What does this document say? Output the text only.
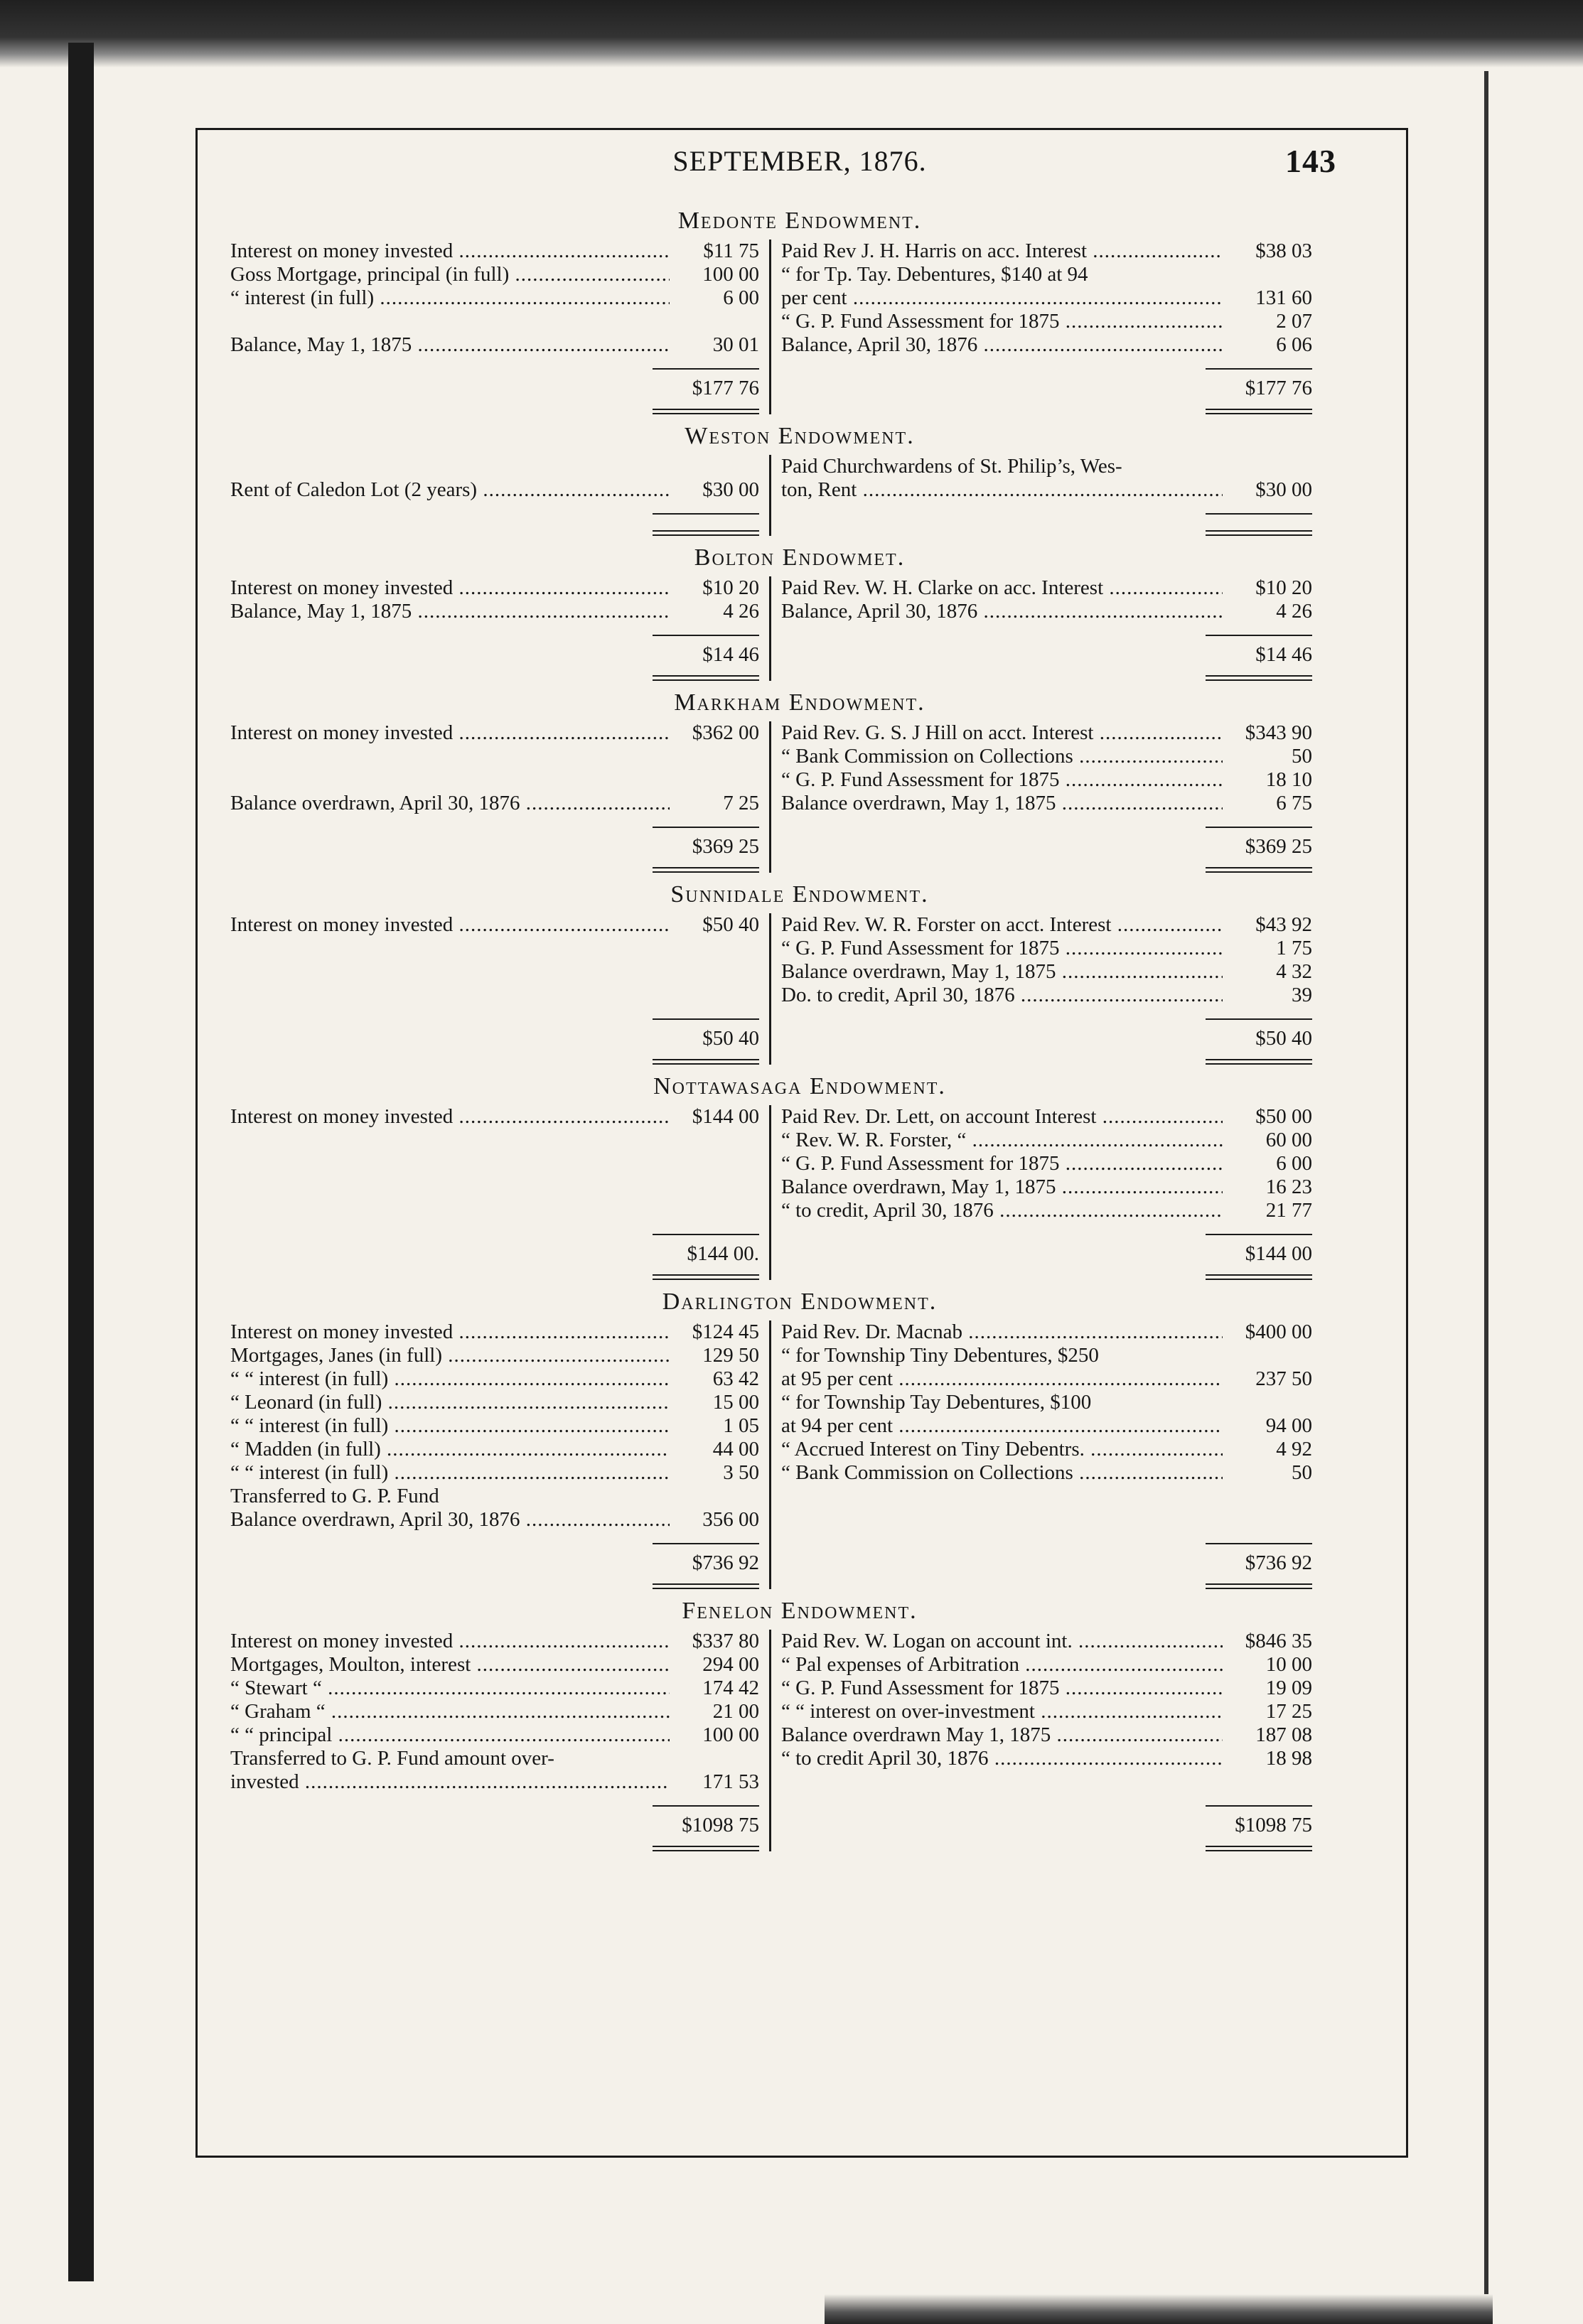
SEPTEMBER, 1876.	143
Medonte Endowment.
Interest on money invested .....	$11 75
Goss Mortgage, principal (in full) .....	100 00
“ interest (in full) .....	6 00
Balance, May 1, 1875 .....	30 01
$177 76
Paid Rev J. H. Harris on acc. Interest .....	$38 03
“ for Tp. Tay. Debentures, $140 at 94
per cent .....	131 60
“ G. P. Fund Assessment for 1875 .....	2 07
Balance, April 30, 1876 .....	6 06
$177 76
Weston Endowment.
Rent of Caledon Lot (2 years) .....	$30 00
Paid Churchwardens of St. Philip’s, Wes-
ton, Rent .....	$30 00
Bolton Endowmet.
Interest on money invested .....	$10 20
Balance, May 1, 1875 .....	4 26
$14 46
Paid Rev. W. H. Clarke on acc. Interest .....	$10 20
Balance, April 30, 1876 .....	4 26
$14 46
Markham Endowment.
Interest on money invested .....	$362 00
Balance overdrawn, April 30, 1876 .....	7 25
$369 25
Paid Rev. G. S. J Hill on acct. Interest .....	$343 90
“ Bank Commission on Collections .....	50
“ G. P. Fund Assessment for 1875 .....	18 10
Balance overdrawn, May 1, 1875 .....	6 75
$369 25
Sunnidale Endowment.
Interest on money invested .....	$50 40
$50 40
Paid Rev. W. R. Forster on acct. Interest .....	$43 92
“ G. P. Fund Assessment for 1875 .....	1 75
Balance overdrawn, May 1, 1875 .....	4 32
Do. to credit, April 30, 1876 .....	39
$50 40
Nottawasaga Endowment.
Interest on money invested .....	$144 00
$144 00.
Paid Rev. Dr. Lett, on account Interest .....	$50 00
“ Rev. W. R. Forster, “ .....	60 00
“ G. P. Fund Assessment for 1875 .....	6 00
Balance overdrawn, May 1, 1875 .....	16 23
“ to credit, April 30, 1876 .....	21 77
$144 00
Darlington Endowment.
Interest on money invested .....	$124 45
Mortgages, Janes (in full) .....	129 50
“ “ interest (in full) .....	63 42
“ Leonard (in full) .....	15 00
“ “ interest (in full) .....	1 05
“ Madden (in full) .....	44 00
“ “ interest (in full) .....	3 50
Transferred to G. P. Fund
Balance overdrawn, April 30, 1876 .....	356 00
$736 92
Paid Rev. Dr. Macnab .....	$400 00
“ for Township Tiny Debentures, $250
at 95 per cent .....	237 50
“ for Township Tay Debentures, $100
at 94 per cent .....	94 00
“ Accrued Interest on Tiny Debentrs. .....	4 92
“ Bank Commission on Collections .....	50
$736 92
Fenelon Endowment.
Interest on money invested .....	$337 80
Mortgages, Moulton, interest .....	294 00
“ Stewart “ .....	174 42
“ Graham “ .....	21 00
“ “ principal .....	100 00
Transferred to G. P. Fund amount over-
invested .....	171 53
$1098 75
Paid Rev. W. Logan on account int. .....	$846 35
“ Pal expenses of Arbitration .....	10 00
“ G. P. Fund Assessment for 1875 .....	19 09
“ “ interest on over-investment .....	17 25
Balance overdrawn May 1, 1875 .....	187 08
“ to credit April 30, 1876 .....	18 98
$1098 75
